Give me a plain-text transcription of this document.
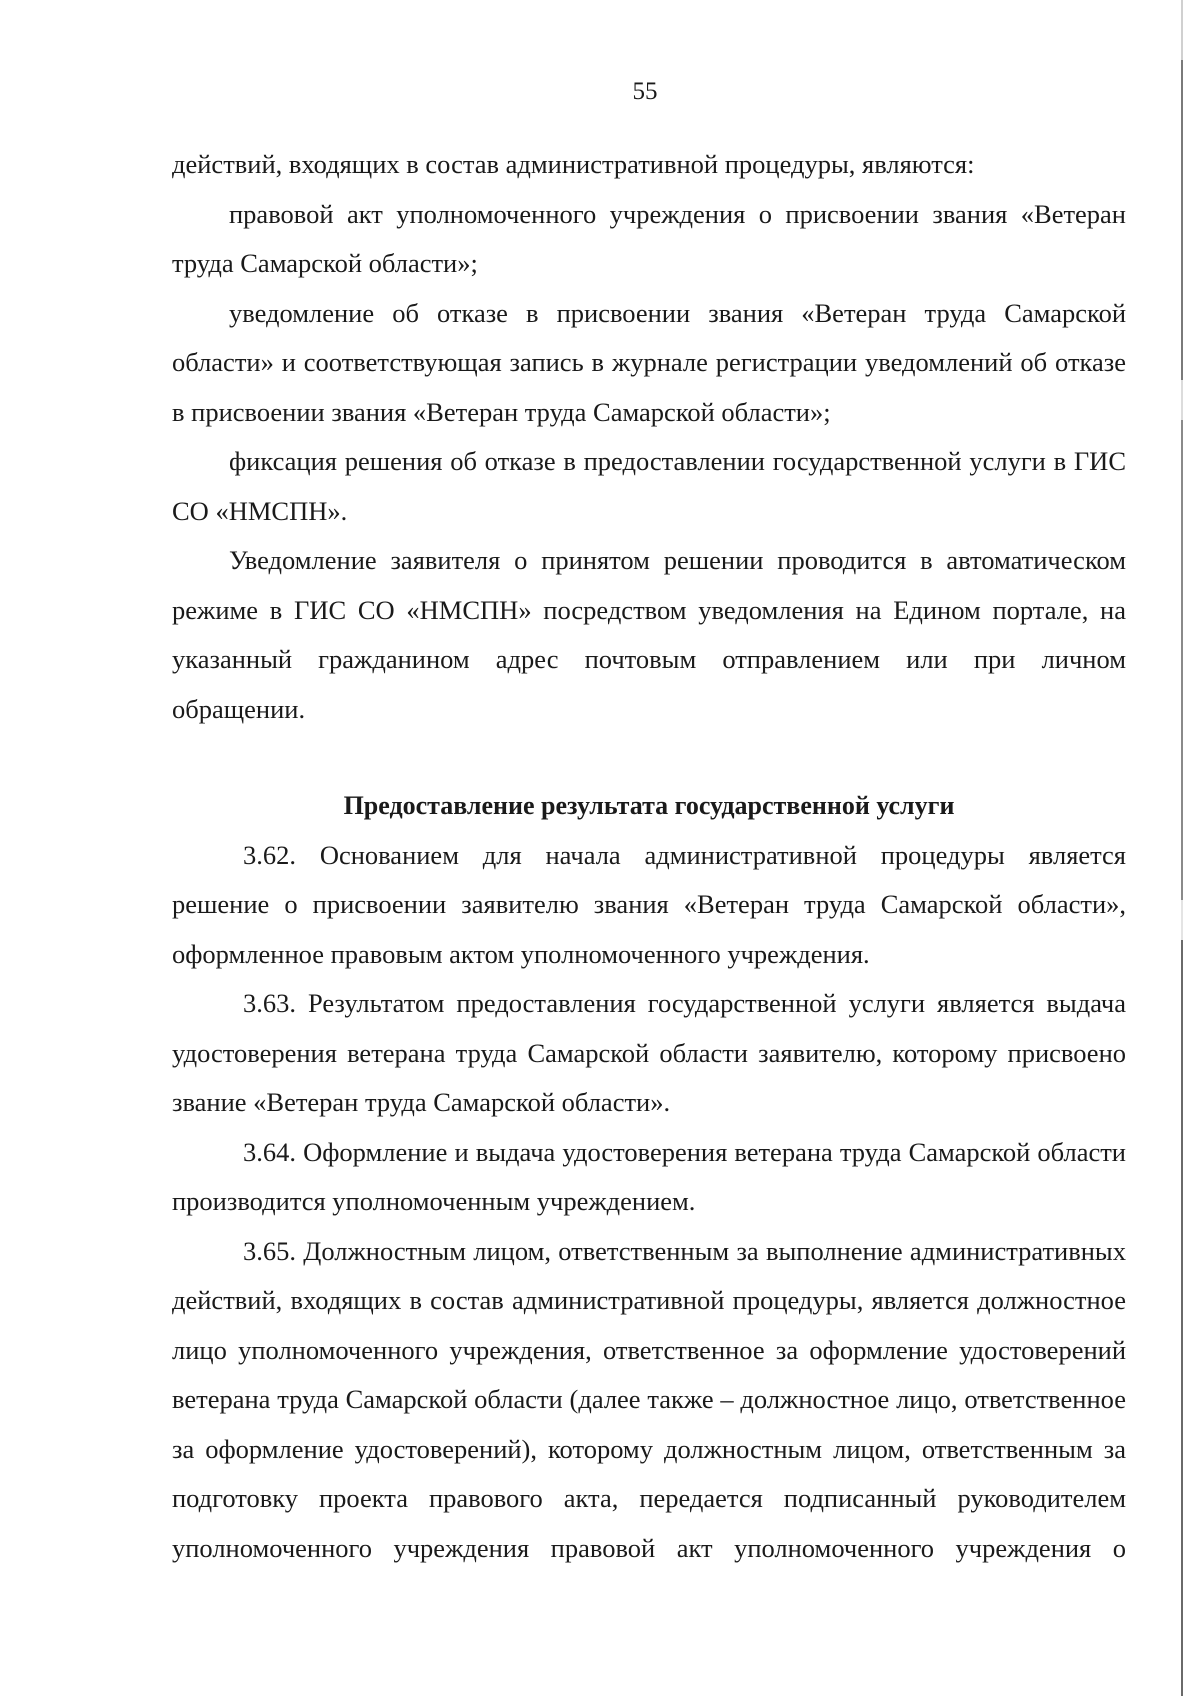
55

действий, входящих в состав административной процедуры, являются:

правовой акт уполномоченного учреждения о присвоении звания «Ветеран труда Самарской области»;

уведомление об отказе в присвоении звания «Ветеран труда Самарской области» и соответствующая запись в журнале регистрации уведомлений об отказе в присвоении звания «Ветеран труда Самарской области»;

фиксация решения об отказе в предоставлении государственной услуги в ГИС СО «НМСПН».

Уведомление заявителя о принятом решении проводится в автоматическом режиме в ГИС СО «НМСПН» посредством уведомления на Едином портале, на указанный гражданином адрес почтовым отправлением или при личном обращении.

Предоставление результата государственной услуги

3.62. Основанием для начала административной процедуры является решение о присвоении заявителю звания «Ветеран труда Самарской области», оформленное правовым актом уполномоченного учреждения.

3.63. Результатом предоставления государственной услуги является выдача удостоверения ветерана труда Самарской области заявителю, которому присвоено звание «Ветеран труда Самарской области».

3.64. Оформление и выдача удостоверения ветерана труда Самарской области производится уполномоченным учреждением.

3.65. Должностным лицом, ответственным за выполнение административных действий, входящих в состав административной процедуры, является должностное лицо уполномоченного учреждения, ответственное за оформление удостоверений ветерана труда Самарской области (далее также – должностное лицо, ответственное за оформление удостоверений), которому должностным лицом, ответственным за подготовку проекта правового акта, передается подписанный руководителем уполномоченного учреждения правовой акт уполномоченного учреждения о
